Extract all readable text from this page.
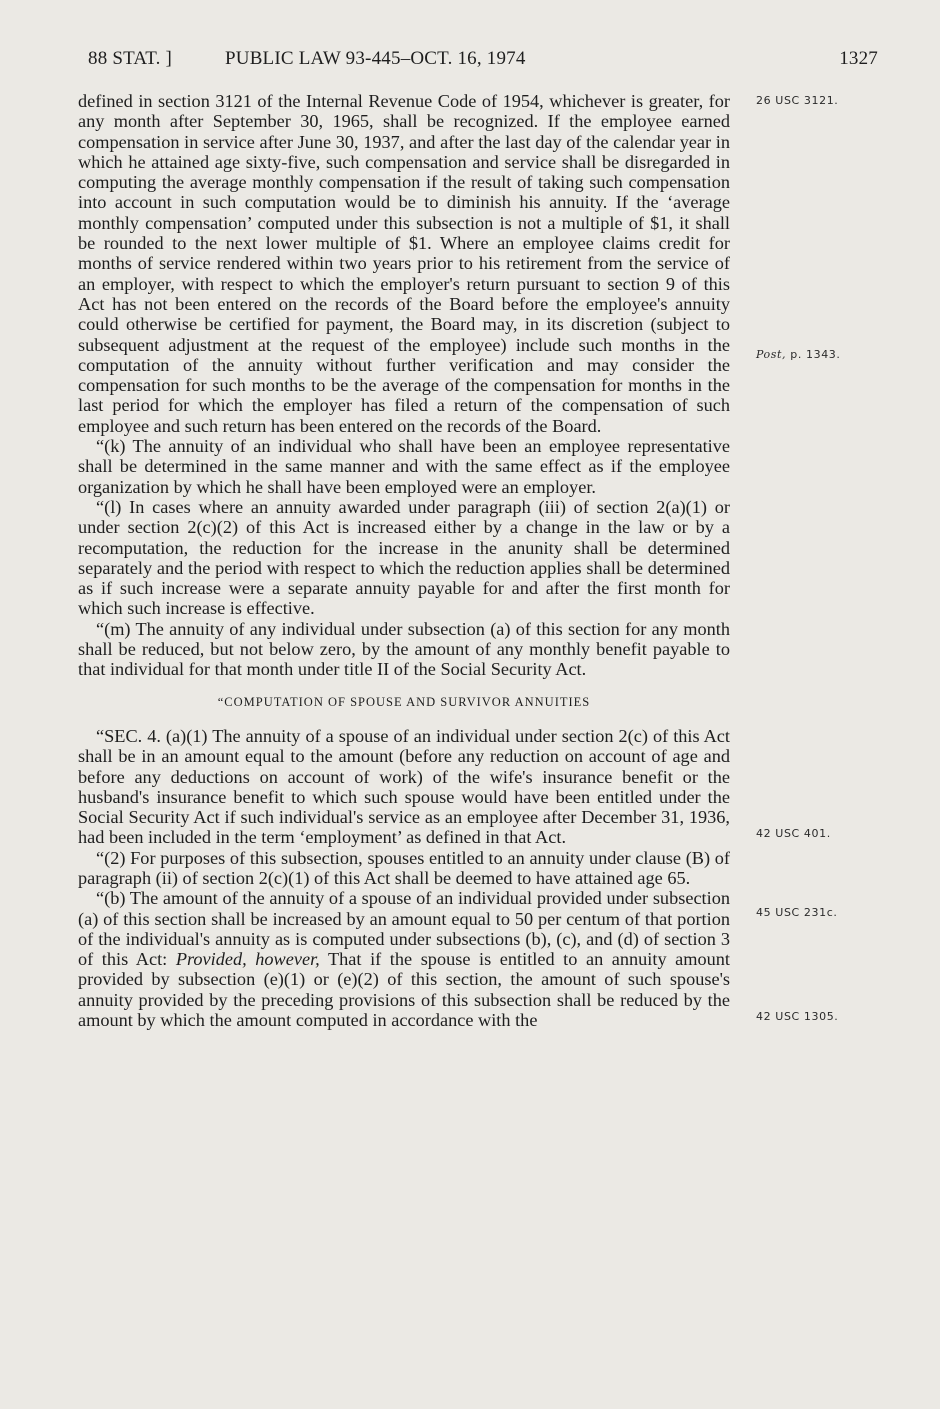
88 STAT. ]	PUBLIC LAW 93-445–OCT. 16, 1974	1327
26 USC 3121.
Post, p. 1343.
42 USC 401.
45 USC 231c.
42 USC 1305.

defined in section 3121 of the Internal Revenue Code of 1954, whichever is greater, for any month after September 30, 1965, shall be recognized. If the employee earned compensation in service after June 30, 1937, and after the last day of the calendar year in which he attained age sixty-five, such compensation and service shall be disregarded in computing the average monthly compensation if the result of taking such compensation into account in such computation would be to diminish his annuity. If the ‘average monthly compensation’ computed under this subsection is not a multiple of $1, it shall be rounded to the next lower multiple of $1. Where an employee claims credit for months of service rendered within two years prior to his retirement from the service of an employer, with respect to which the employer's return pursuant to section 9 of this Act has not been entered on the records of the Board before the employee's annuity could otherwise be certified for payment, the Board may, in its discretion (subject to subsequent adjustment at the request of the employee) include such months in the computation of the annuity without further verification and may consider the compensation for such months to be the average of the compensation for months in the last period for which the employer has filed a return of the compensation of such employee and such return has been entered on the records of the Board.

“(k) The annuity of an individual who shall have been an employee representative shall be determined in the same manner and with the same effect as if the employee organization by which he shall have been employed were an employer.

“(l) In cases where an annuity awarded under paragraph (iii) of section 2(a)(1) or under section 2(c)(2) of this Act is increased either by a change in the law or by a recomputation, the reduction for the increase in the anunity shall be determined separately and the period with respect to which the reduction applies shall be determined as if such increase were a separate annuity payable for and after the first month for which such increase is effective.

“(m) The annuity of any individual under subsection (a) of this section for any month shall be reduced, but not below zero, by the amount of any monthly benefit payable to that individual for that month under title II of the Social Security Act.

“COMPUTATION OF SPOUSE AND SURVIVOR ANNUITIES

“SEC. 4. (a)(1) The annuity of a spouse of an individual under section 2(c) of this Act shall be in an amount equal to the amount (before any reduction on account of age and before any deductions on account of work) of the wife's insurance benefit or the husband's insurance benefit to which such spouse would have been entitled under the Social Security Act if such individual's service as an employee after December 31, 1936, had been included in the term ‘employment’ as defined in that Act.

“(2) For purposes of this subsection, spouses entitled to an annuity under clause (B) of paragraph (ii) of section 2(c)(1) of this Act shall be deemed to have attained age 65.

“(b) The amount of the annuity of a spouse of an individual provided under subsection (a) of this section shall be increased by an amount equal to 50 per centum of that portion of the individual's annuity as is computed under subsections (b), (c), and (d) of section 3 of this Act: Provided, however, That if the spouse is entitled to an annuity amount provided by subsection (e)(1) or (e)(2) of this section, the amount of such spouse's annuity provided by the preceding provisions of this subsection shall be reduced by the amount by which the amount computed in accordance with the
